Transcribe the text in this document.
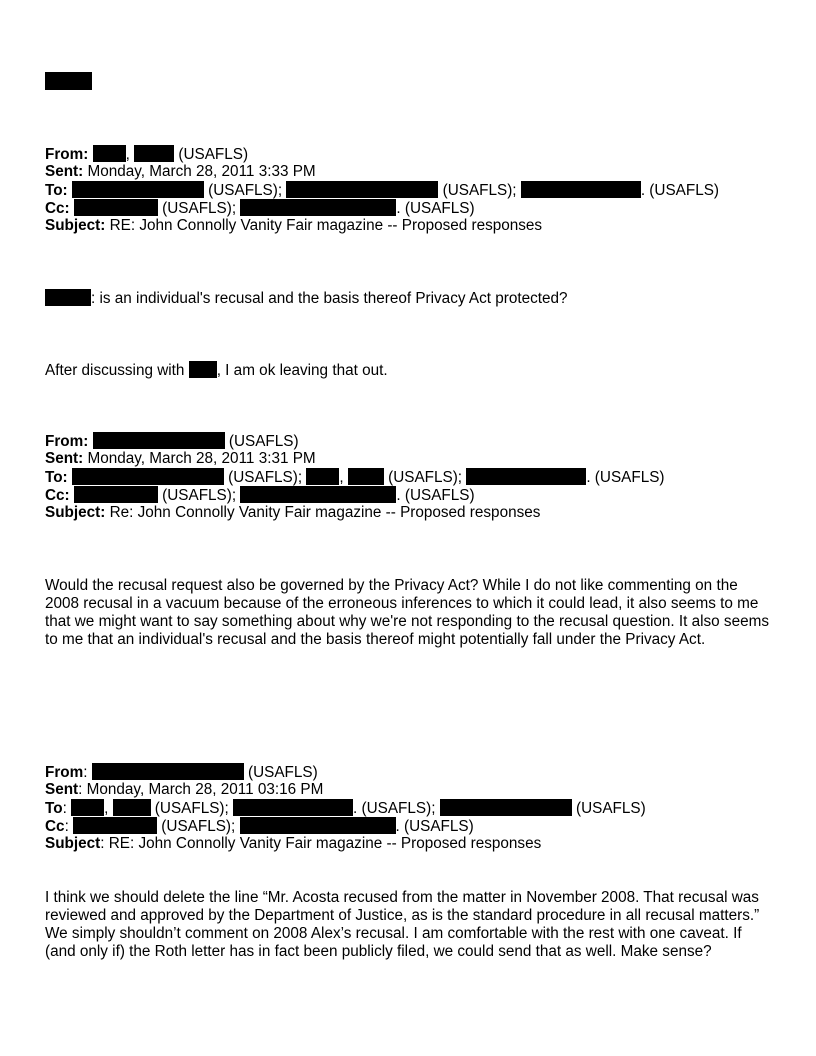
From: ,	(USAFLS)
Sent: Monday, March 28, 2011 3:33 PM
To:	(USAFLS);	(USAFLS);	. (USAFLS)
Cc:	(USAFLS);	. (USAFLS)
Subject: RE: John Connolly Vanity Fair magazine -- Proposed responses
: is an individual's recusal and the basis thereof Privacy Act protected?
After discussing with , I am ok leaving that out.
From:	(USAFLS)
Sent: Monday, March 28, 2011 3:31 PM
To:	(USAFLS); ,  (USAFLS);	. (USAFLS)
Cc:	(USAFLS);	. (USAFLS)
Subject: Re: John Connolly Vanity Fair magazine -- Proposed responses
Would the recusal request also be governed by the Privacy Act? While I do not like commenting on the 2008 recusal in a vacuum because of the erroneous inferences to which it could lead, it also seems to me that we might want to say something about why we're not responding to the recusal question. It also seems to me that an individual's recusal and the basis thereof might potentially fall under the Privacy Act.
From:	(USAFLS)
Sent: Monday, March 28, 2011 03:16 PM
To: ,  (USAFLS);	. (USAFLS);	(USAFLS)
Cc:	(USAFLS);	. (USAFLS)
Subject: RE: John Connolly Vanity Fair magazine -- Proposed responses
I think we should delete the line “Mr. Acosta recused from the matter in November 2008. That recusal was reviewed and approved by the Department of Justice, as is the standard procedure in all recusal matters.” We simply shouldn’t comment on 2008 Alex’s recusal. I am comfortable with the rest with one caveat. If (and only if) the Roth letter has in fact been publicly filed, we could send that as well. Make sense?
